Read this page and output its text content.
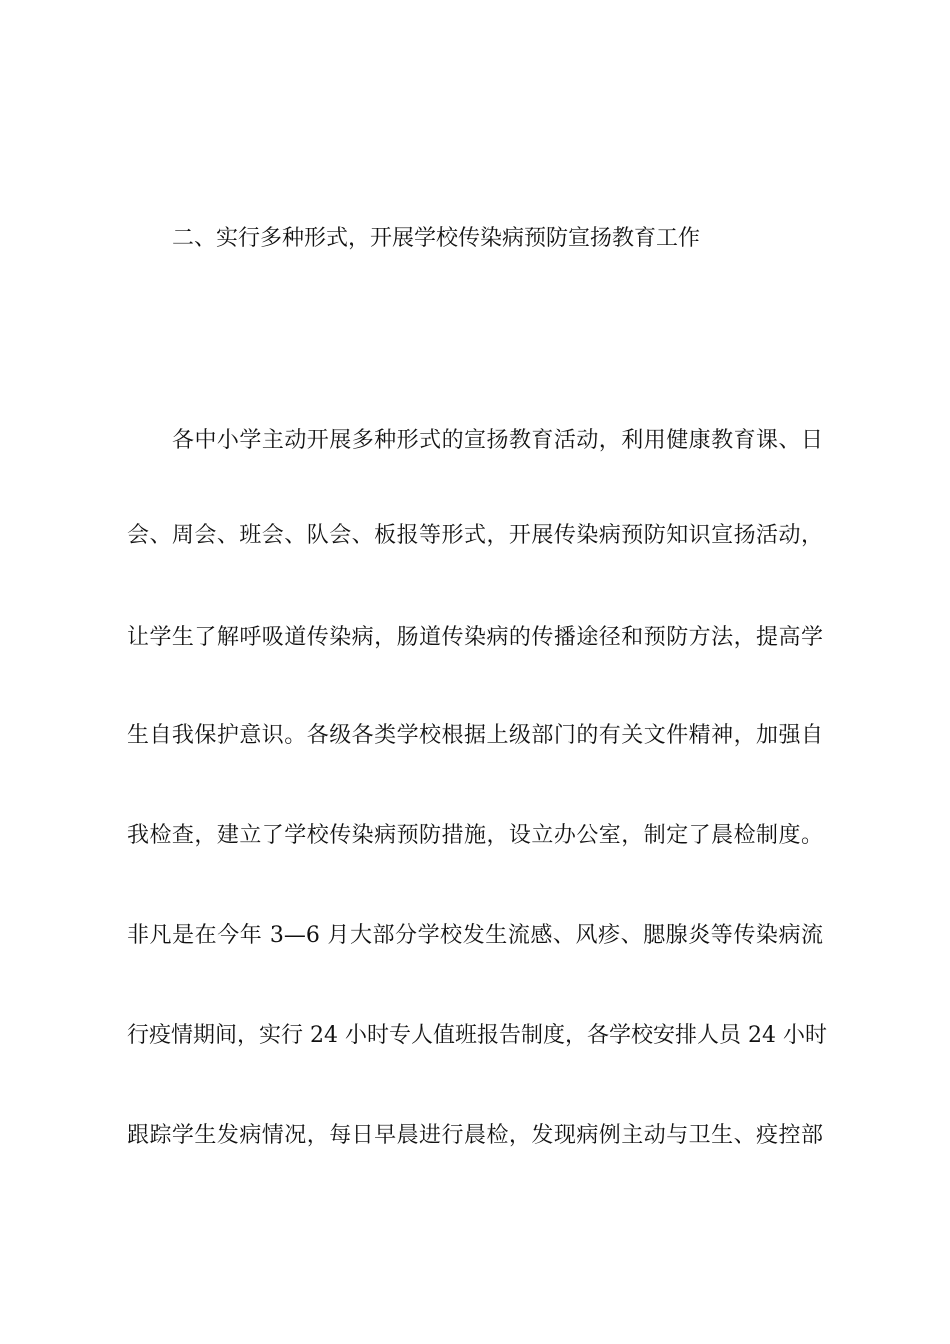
二、实行多种形式，开展学校传染病预防宣扬教育工作
各中小学主动开展多种形式的宣扬教育活动，利用健康教育课、日
会、周会、班会、队会、板报等形式，开展传染病预防知识宣扬活动，
让学生了解呼吸道传染病，肠道传染病的传播途径和预防方法，提高学
生自我保护意识。各级各类学校根据上级部门的有关文件精神，加强自
我检查，建立了学校传染病预防措施，设立办公室，制定了晨检制度。
非凡是在今年 3—6 月大部分学校发生流感、风疹、腮腺炎等传染病流
行疫情期间，实行 24 小时专人值班报告制度，各学校安排人员 24 小时
跟踪学生发病情况，每日早晨进行晨检，发现病例主动与卫生、疫控部
